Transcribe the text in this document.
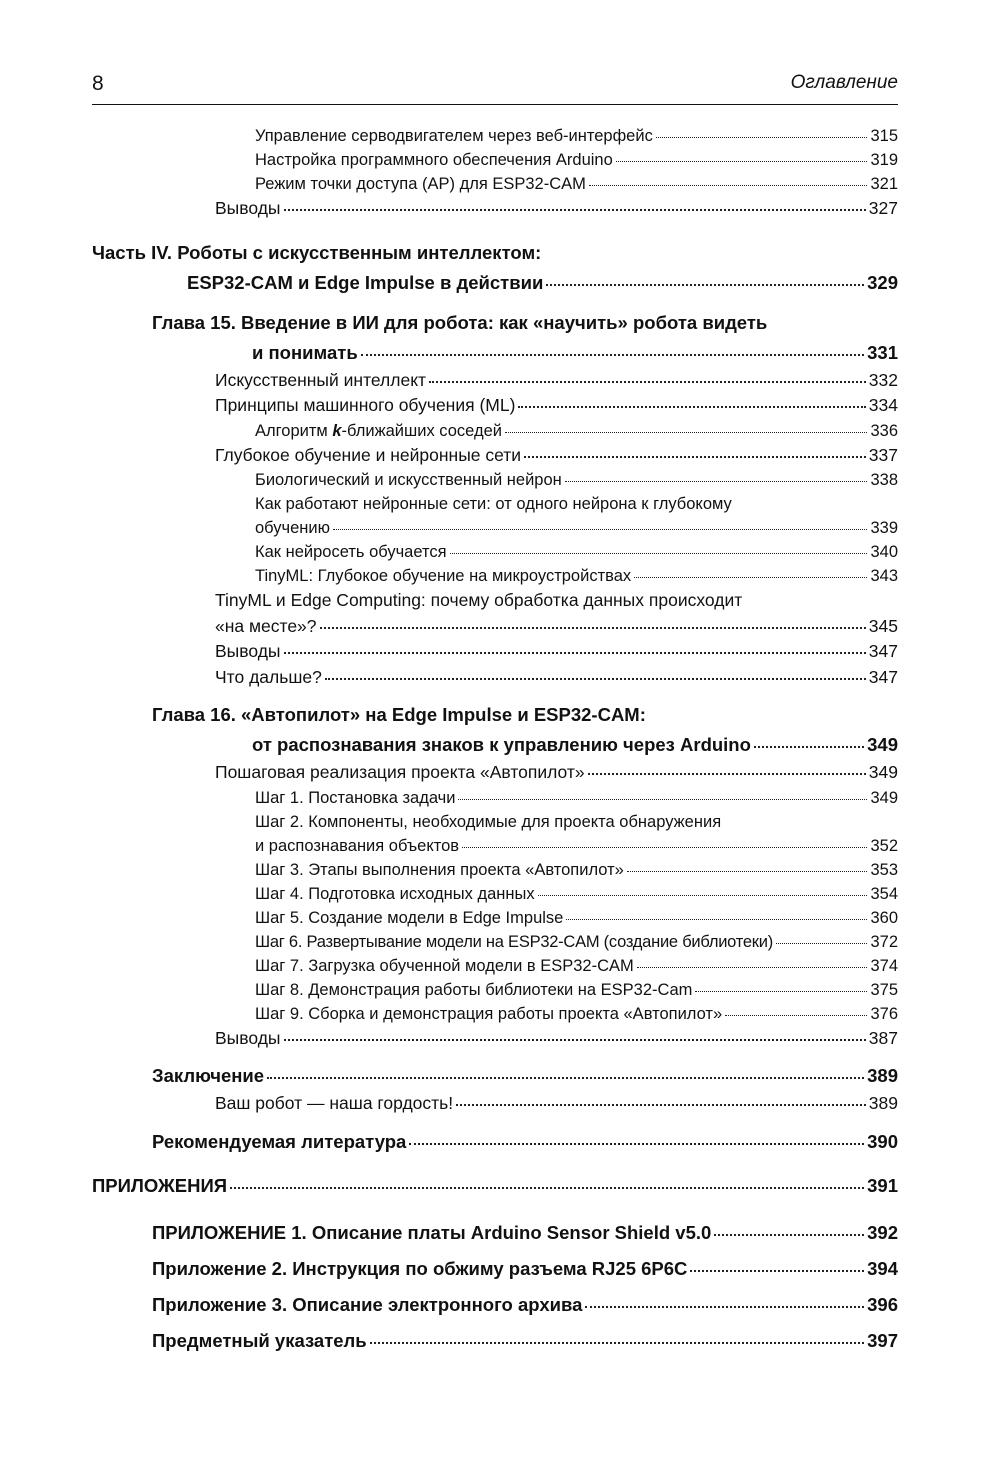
8	Оглавление
Управление серводвигателем через веб-интерфейс	315
Настройка программного обеспечения Arduino	319
Режим точки доступа (AP) для ESP32-CAM	321
Выводы	327
Часть IV. Роботы с искусственным интеллектом:
ESP32-CAM и Edge Impulse в действии	329
Глава 15. Введение в ИИ для робота: как «научить» робота видеть
и понимать	331
Искусственный интеллект	332
Принципы машинного обучения (ML)	334
Алгоритм k-ближайших соседей	336
Глубокое обучение и нейронные сети	337
Биологический и искусственный нейрон	338
Как работают нейронные сети: от одного нейрона к глубокому
обучению	339
Как нейросеть обучается	340
TinyML: Глубокое обучение на микроустройствах	343
TinyML и Edge Computing: почему обработка данных происходит
«на месте»?	345
Выводы	347
Что дальше?	347
Глава 16. «Автопилот» на Edge Impulse и ESP32-CAM:
от распознавания знаков к управлению через Arduino	349
Пошаговая реализация проекта «Автопилот»	349
Шаг 1. Постановка задачи	349
Шаг 2. Компоненты, необходимые для проекта обнаружения
и распознавания объектов	352
Шаг 3. Этапы выполнения проекта «Автопилот»	353
Шаг 4. Подготовка исходных данных	354
Шаг 5. Создание модели в Edge Impulse	360
Шаг 6. Развертывание модели на ESP32-CAM (создание библиотеки)	372
Шаг 7. Загрузка обученной модели в ESP32-CAM	374
Шаг 8. Демонстрация работы библиотеки на ESP32-Cam	375
Шаг 9. Сборка и демонстрация работы проекта «Автопилот»	376
Выводы	387
Заключение	389
Ваш робот — наша гордость!	389
Рекомендуемая литература	390
ПРИЛОЖЕНИЯ	391
ПРИЛОЖЕНИЕ 1. Описание платы Arduino Sensor Shield v5.0	392
Приложение 2. Инструкция по обжиму разъема RJ25 6P6C	394
Приложение 3. Описание электронного архива	396
Предметный указатель	397
